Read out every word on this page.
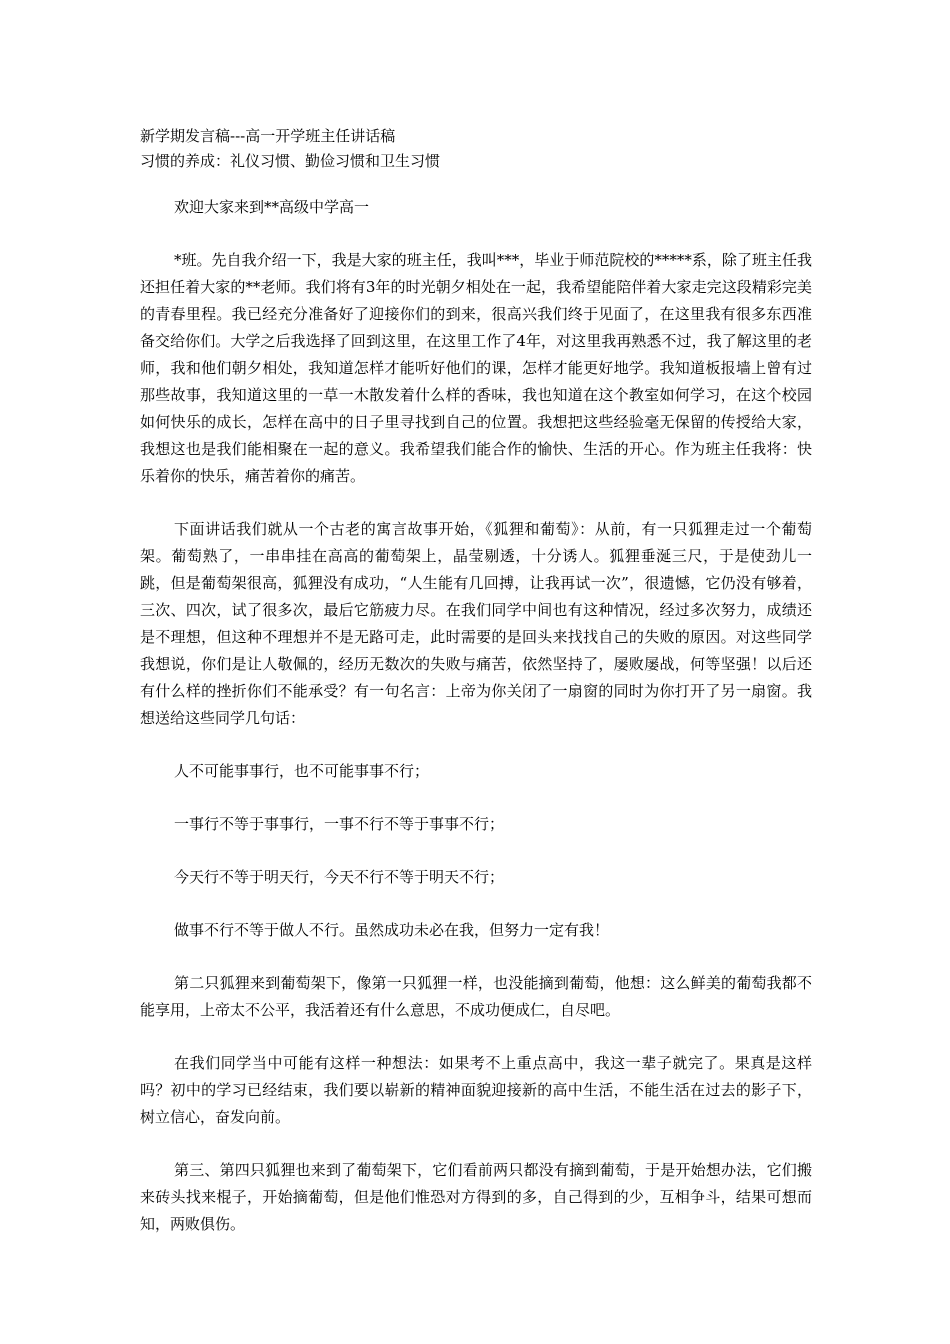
新学期发言稿---高一开学班主任讲话稿
习惯的养成：礼仪习惯、勤俭习惯和卫生习惯

欢迎大家来到**高级中学高一

*班。先自我介绍一下，我是大家的班主任，我叫***，毕业于师范院校的*****系，除了班主任我还担任着大家的**老师。我们将有3年的时光朝夕相处在一起，我希望能陪伴着大家走完这段精彩完美的青春里程。我已经充分准备好了迎接你们的到来，很高兴我们终于见面了，在这里我有很多东西准备交给你们。大学之后我选择了回到这里，在这里工作了4年，对这里我再熟悉不过，我了解这里的老师，我和他们朝夕相处，我知道怎样才能听好他们的课，怎样才能更好地学。我知道板报墙上曾有过那些故事，我知道这里的一草一木散发着什么样的香味，我也知道在这个教室如何学习，在这个校园如何快乐的成长，怎样在高中的日子里寻找到自己的位置。我想把这些经验毫无保留的传授给大家，我想这也是我们能相聚在一起的意义。我希望我们能合作的愉快、生活的开心。作为班主任我将：快乐着你的快乐，痛苦着你的痛苦。

下面讲话我们就从一个古老的寓言故事开始，《狐狸和葡萄》：从前，有一只狐狸走过一个葡萄架。葡萄熟了，一串串挂在高高的葡萄架上，晶莹剔透，十分诱人。狐狸垂涎三尺，于是使劲儿一跳，但是葡萄架很高，狐狸没有成功，“人生能有几回搏，让我再试一次”，很遗憾，它仍没有够着，三次、四次，试了很多次，最后它筋疲力尽。在我们同学中间也有这种情况，经过多次努力，成绩还是不理想，但这种不理想并不是无路可走，此时需要的是回头来找找自己的失败的原因。对这些同学我想说，你们是让人敬佩的，经历无数次的失败与痛苦，依然坚持了，屡败屡战，何等坚强！以后还有什么样的挫折你们不能承受？有一句名言：上帝为你关闭了一扇窗的同时为你打开了另一扇窗。我想送给这些同学几句话：

人不可能事事行，也不可能事事不行；

一事行不等于事事行，一事不行不等于事事不行；

今天行不等于明天行，今天不行不等于明天不行；

做事不行不等于做人不行。虽然成功未必在我，但努力一定有我！

第二只狐狸来到葡萄架下，像第一只狐狸一样，也没能摘到葡萄，他想：这么鲜美的葡萄我都不能享用，上帝太不公平，我活着还有什么意思，不成功便成仁，自尽吧。

在我们同学当中可能有这样一种想法：如果考不上重点高中，我这一辈子就完了。果真是这样吗？初中的学习已经结束，我们要以崭新的精神面貌迎接新的高中生活，不能生活在过去的影子下，树立信心，奋发向前。

第三、第四只狐狸也来到了葡萄架下，它们看前两只都没有摘到葡萄，于是开始想办法，它们搬来砖头找来棍子，开始摘葡萄，但是他们惟恐对方得到的多，自己得到的少，互相争斗，结果可想而知，两败俱伤。
